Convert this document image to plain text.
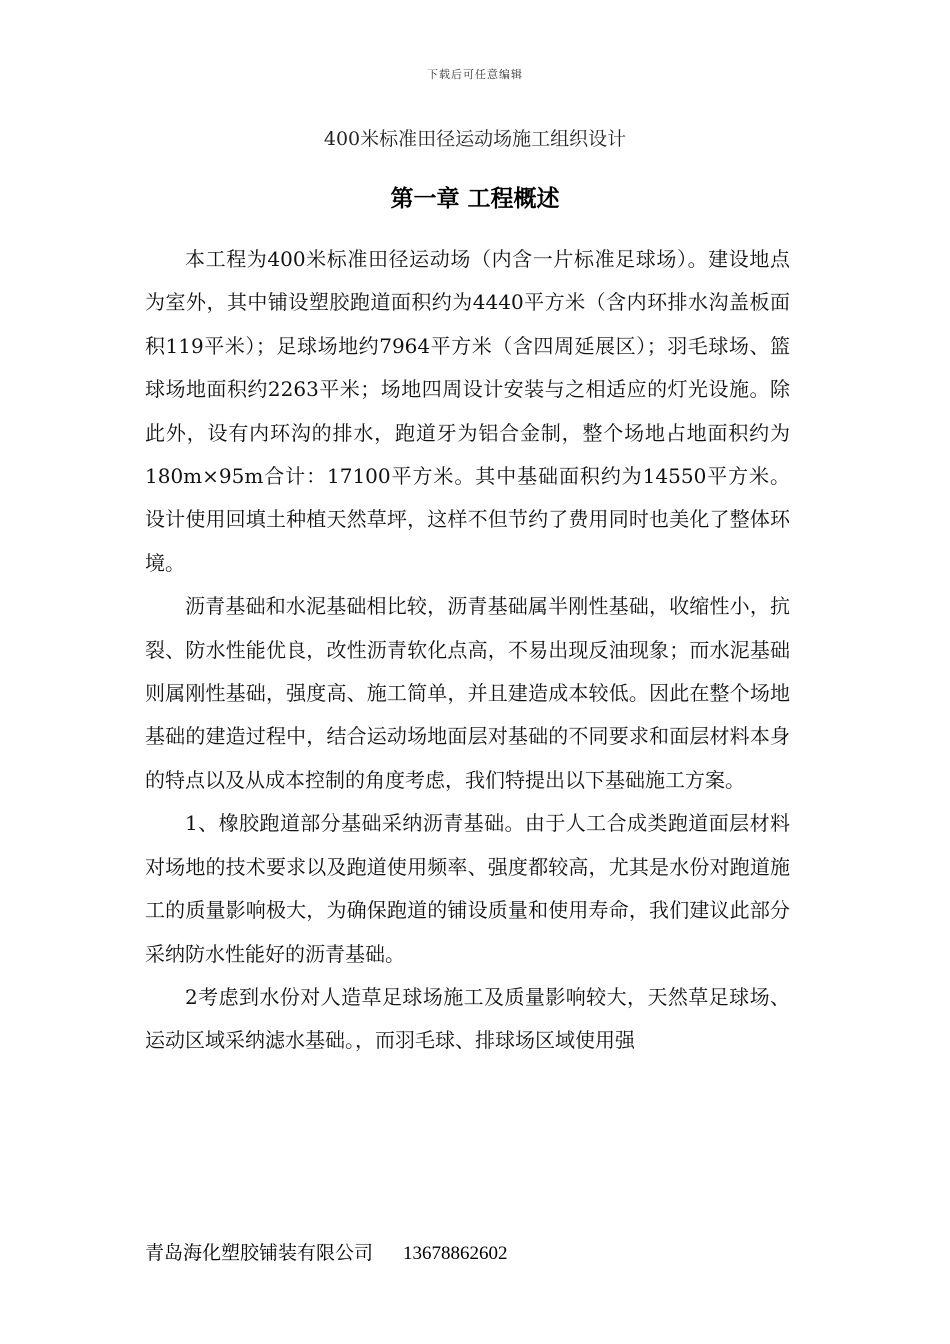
下载后可任意编辑
400米标准田径运动场施工组织设计
第一章 工程概述

本工程为400米标准田径运动场（内含一片标准足球场）。建设地点为室外，其中铺设塑胶跑道面积约为4440平方米（含内环排水沟盖板面积119平米）；足球场地约7964平方米（含四周延展区）；羽毛球场、篮球场地面积约2263平米；场地四周设计安装与之相适应的灯光设施。除此外，设有内环沟的排水，跑道牙为铝合金制，整个场地占地面积约为180m×95m合计：17100平方米。其中基础面积约为14550平方米。设计使用回填土种植天然草坪，这样不但节约了费用同时也美化了整体环境。

沥青基础和水泥基础相比较，沥青基础属半刚性基础，收缩性小，抗裂、防水性能优良，改性沥青软化点高，不易出现反油现象；而水泥基础则属刚性基础，强度高、施工简单，并且建造成本较低。因此在整个场地基础的建造过程中，结合运动场地面层对基础的不同要求和面层材料本身的特点以及从成本控制的角度考虑，我们特提出以下基础施工方案。

1、橡胶跑道部分基础采纳沥青基础。由于人工合成类跑道面层材料对场地的技术要求以及跑道使用频率、强度都较高，尤其是水份对跑道施工的质量影响极大，为确保跑道的铺设质量和使用寿命，我们建议此部分采纳防水性能好的沥青基础。

2考虑到水份对人造草足球场施工及质量影响较大，天然草足球场、运动区域采纳滤水基础。，而羽毛球、排球场区域使用强

青岛海化塑胶铺装有限公司 13678862602
